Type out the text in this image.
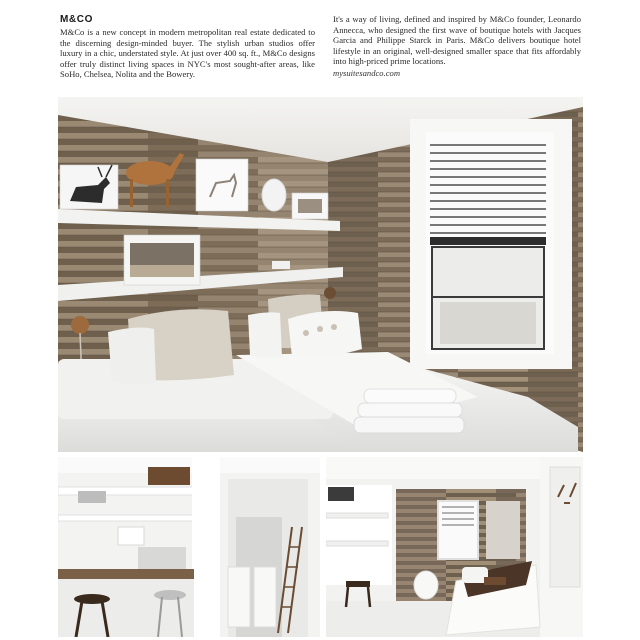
M&CO

M&Co is a new concept in modern metropolitan real estate dedicated to the discerning design-minded buyer. The stylish urban studios offer luxury in a chic, understated style. At just over 400 sq. ft., M&Co designs offer truly distinct living spaces in NYC's most sought-after areas, like SoHo, Chelsea, Nolita and the Bowery.

It's a way of living, defined and inspired by M&Co founder, Leonardo Annecca, who designed the first wave of boutique hotels with Jacques Garcia and Philippe Starck in Paris. M&Co delivers boutique hotel lifestyle in an original, well-designed smaller space that fits affordably into high-priced prime locations.

mysuitesandco.com
